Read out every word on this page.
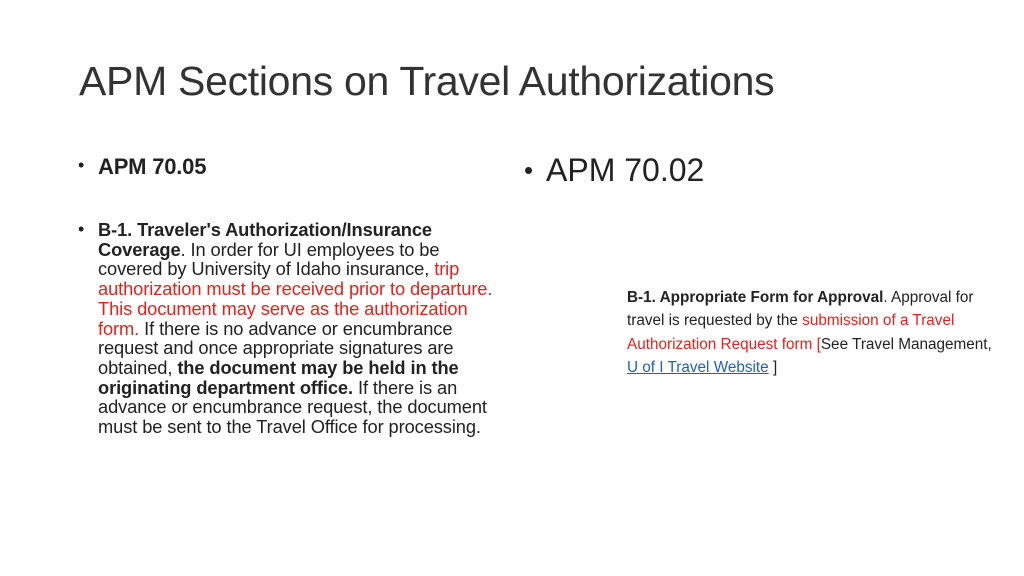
APM Sections on Travel Authorizations
• APM 70.05
• B-1. Traveler's Authorization/Insurance Coverage. In order for UI employees to be covered by University of Idaho insurance, trip authorization must be received prior to departure. This document may serve as the authorization form. If there is no advance or encumbrance request and once appropriate signatures are obtained, the document may be held in the originating department office. If there is an advance or encumbrance request, the document must be sent to the Travel Office for processing.
• APM 70.02
B-1. Appropriate Form for Approval. Approval for travel is requested by the submission of a Travel Authorization Request form [See Travel Management, U of I Travel Website ]
